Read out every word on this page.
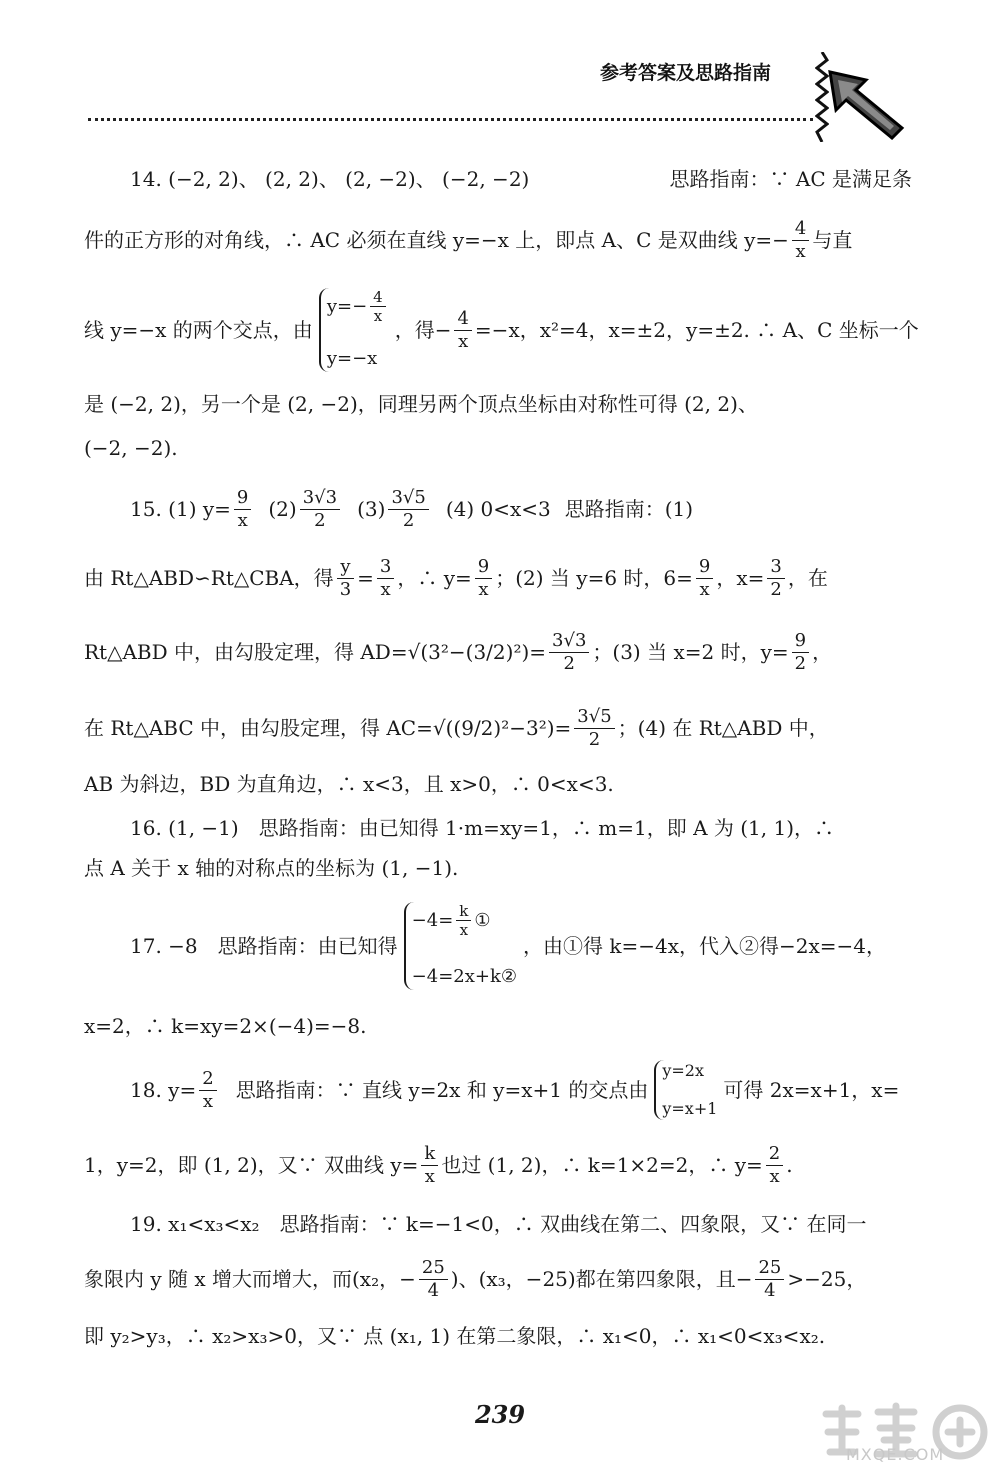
参考答案及思路指南
14. (−2, 2)、 (2, 2)、 (2, −2)、 (−2, −2)	思路指南：∵ AC 是满足条
件的正方形的对角线，∴ AC 必须在直线 y=−x 上，即点 A、C 是双曲线 $y=- \frac{4}{x}$ 与直
线 y=−x 的两个交点，由
$y=- \frac{4}{x}$
y=−x
，得− $\frac{4}{x} =-x$，x²=4，x=±2，y=±2. ∴ A、C 坐标一个
是 (−2, 2)，另一个是 (2, −2)，同理另两个顶点坐标由对称性可得 (2, 2)、
(−2, −2).
15. (1) $y= \frac{9}{x} (2) \frac{3√3}{2} (3) \frac{3√5}{2} (4)$ 0<x<3 思路指南：(1)
由 Rt△ABD∽Rt△CBA，得 $\frac{y}{3} = \frac{3}{x}$ ，∴ $y= \frac{9}{x}$ ；(2) 当 y=6 时，$6= \frac{9}{x}$ ，$x= \frac{3}{2}$ ，在
Rt△ABD 中，由勾股定理，得 $AD=√(3^2-(3/2)^2)= \frac{3√3}{2}$ ；(3) 当 x=2 时，$y= \frac{9}{2}$ ，
在 Rt△ABC 中，由勾股定理，得 $AC=√((9/2)^2-3^2)= \frac{3√5}{2}$ ；(4) 在 Rt△ABD 中，
AB 为斜边，BD 为直角边，∴ x<3，且 x>0，∴ 0<x<3.
16. (1, −1)　思路指南：由已知得 1·m=xy=1，∴ m=1，即 A 为 (1, 1)，∴
点 A 关于 x 轴的对称点的坐标为 (1, −1).
17. −8　思路指南：由已知得
$-4= \frac{k}{x}$ ①
−4=2x+k②
，由①得 k=−4x，代入②得−2x=−4，
x=2，∴ k=xy=2×(−4)=−8.
18. $y= \frac{2}{x}$ 思路指南：∵ 直线 y=2x 和 y=x+1 的交点由
y=2x
y=x+1
可得 2x=x+1，x=
1，y=2，即 (1, 2)，又∵ 双曲线 $y= \frac{k}{x}$ 也过 (1, 2)，∴ k=1×2=2，∴ $y= \frac{2}{x}$ .
19. x₁<x₃<x₂　思路指南：∵ k=−1<0，∴ 双曲线在第二、四象限，又∵ 在同一
象限内 y 随 x 增大而增大，而(x₂，− $\frac{25}{4}$ )、(x₃，−25)都在第四象限，且− $\frac{25}{4} >-25$，
即 y₂>y₃，∴ x₂>x₃>0，又∵ 点 (x₁, 1) 在第二象限，∴ x₁<0，∴ x₁<0<x₃<x₂.
239
MXQE.COM
